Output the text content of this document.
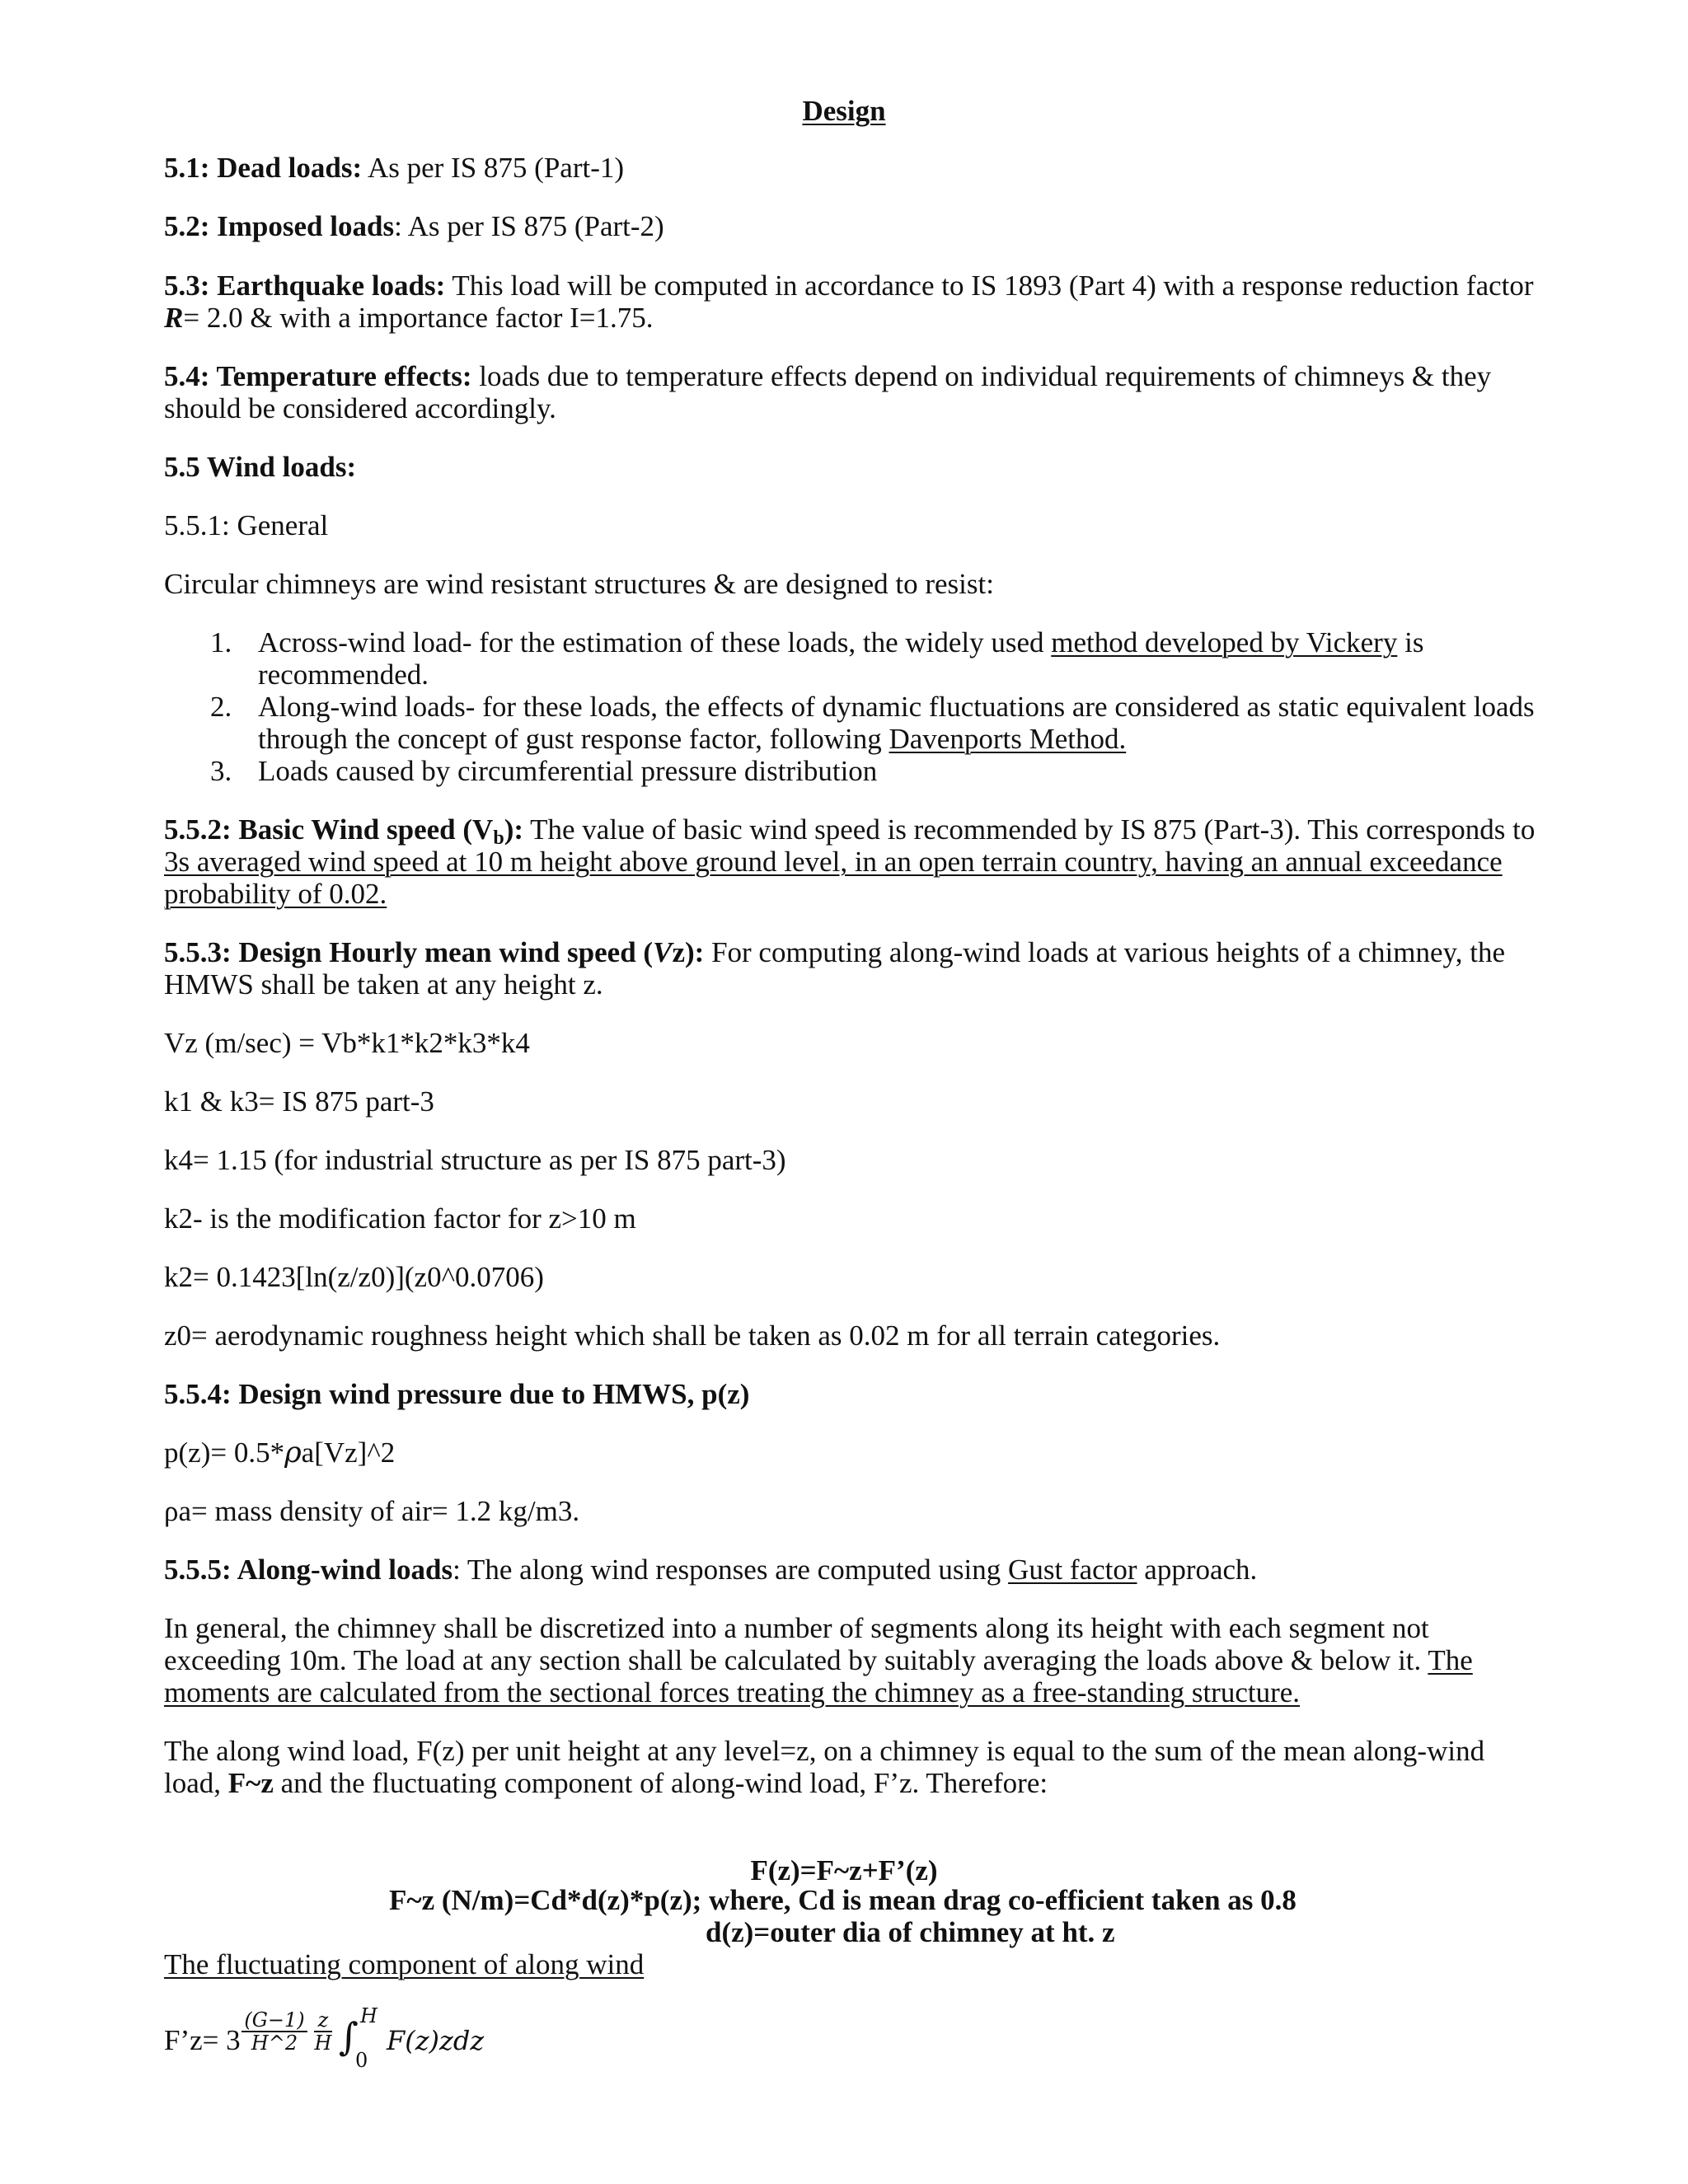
Design

5.1: Dead loads: As per IS 875 (Part-1)

5.2: Imposed loads: As per IS 875 (Part-2)

5.3: Earthquake loads: This load will be computed in accordance to IS 1893 (Part 4) with a response reduction factor

R= 2.0 & with a importance factor I=1.75.

5.4: Temperature effects: loads due to temperature effects depend on individual requirements of chimneys & they

should be considered accordingly.

5.5 Wind loads:

5.5.1: General

Circular chimneys are wind resistant structures & are designed to resist:

1. Across-wind load- for the estimation of these loads, the widely used method developed by Vickery is
recommended.
2. Along-wind loads- for these loads, the effects of dynamic fluctuations are considered as static equivalent loads
through the concept of gust response factor, following Davenports Method.
3. Loads caused by circumferential pressure distribution

5.5.2: Basic Wind speed $(V_b)$: The value of basic wind speed is recommended by IS 875 (Part-3). This corresponds to

3s averaged wind speed at 10 m height above ground level, in an open terrain country, having an annual exceedance

probability of 0.02.

5.5.3: Design Hourly mean wind speed (Vz): For computing along-wind loads at various heights of a chimney, the

HMWS shall be taken at any height z.

Vz (m/sec) = Vb*k1*k2*k3*k4

k1 & k3= IS 875 part-3

k4= 1.15 (for industrial structure as per IS 875 part-3)

k2- is the modification factor for z>10 m

k2= 0.1423[ln(z/z0)](z0^0.0706)

z0= aerodynamic roughness height which shall be taken as 0.02 m for all terrain categories.

5.5.4: Design wind pressure due to HMWS, p(z)

p(z)= 0.5*ρa[Vz]^2

ρa= mass density of air= 1.2 kg/m3.

5.5.5: Along-wind loads: The along wind responses are computed using Gust factor approach.

In general, the chimney shall be discretized into a number of segments along its height with each segment not

exceeding 10m. The load at any section shall be calculated by suitably averaging the loads above & below it. The

moments are calculated from the sectional forces treating the chimney as a free-standing structure.

The along wind load, F(z) per unit height at any level=z, on a chimney is equal to the sum of the mean along-wind

load, F~z and the fluctuating component of along-wind load, F’z. Therefore:

F(z)=F~z+F’(z)

F~z (N/m)=Cd*d(z)*p(z); where, Cd is mean drag co-efficient taken as 0.8

d(z)=outer dia of chimney at ht. z

The fluctuating component of along wind

F’z= $3 \frac{(G-1)}{H\^{}2} \frac{z}{H}$ ∫ H
0
F(z)zdz
